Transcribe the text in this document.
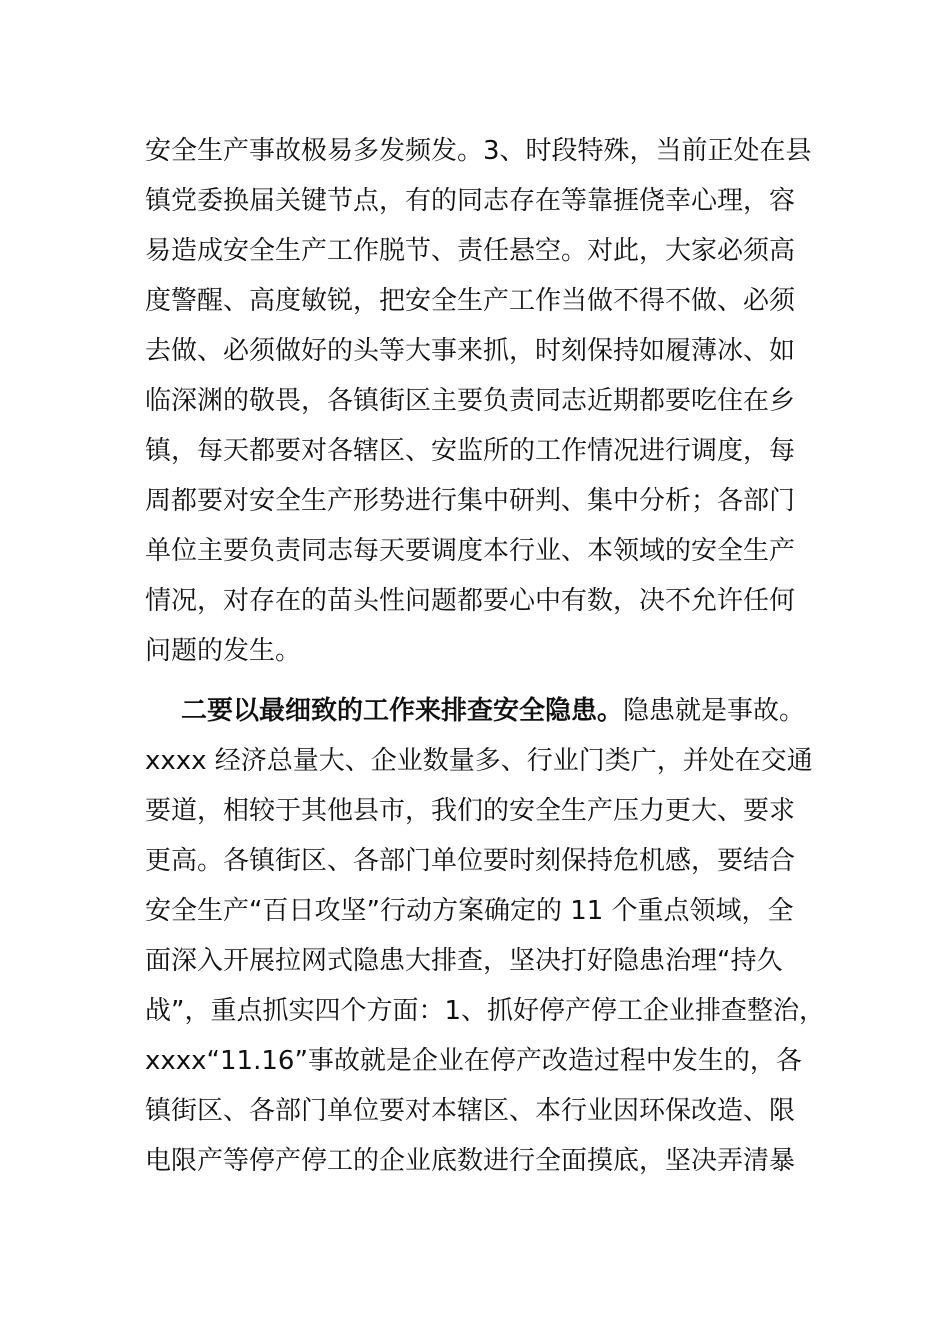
安全生产事故极易多发频发。3、时段特殊，当前正处在县
镇党委换届关键节点，有的同志存在等靠捱侥幸心理，容
易造成安全生产工作脱节、责任悬空。对此，大家必须高
度警醒、高度敏锐，把安全生产工作当做不得不做、必须
去做、必须做好的头等大事来抓，时刻保持如履薄冰、如
临深渊的敬畏，各镇街区主要负责同志近期都要吃住在乡
镇，每天都要对各辖区、安监所的工作情况进行调度，每
周都要对安全生产形势进行集中研判、集中分析；各部门
单位主要负责同志每天要调度本行业、本领域的安全生产
情况，对存在的苗头性问题都要心中有数，决不允许任何
问题的发生。
二要以最细致的工作来排查安全隐患。隐患就是事故。
xxxx 经济总量大、企业数量多、行业门类广，并处在交通
要道，相较于其他县市，我们的安全生产压力更大、要求
更高。各镇街区、各部门单位要时刻保持危机感，要结合
安全生产“百日攻坚”行动方案确定的 11 个重点领域，全
面深入开展拉网式隐患大排查，坚决打好隐患治理“持久
战”，重点抓实四个方面：1、抓好停产停工企业排查整治，
xxxx“11.16”事故就是企业在停产改造过程中发生的，各
镇街区、各部门单位要对本辖区、本行业因环保改造、限
电限产等停产停工的企业底数进行全面摸底，坚决弄清暴
